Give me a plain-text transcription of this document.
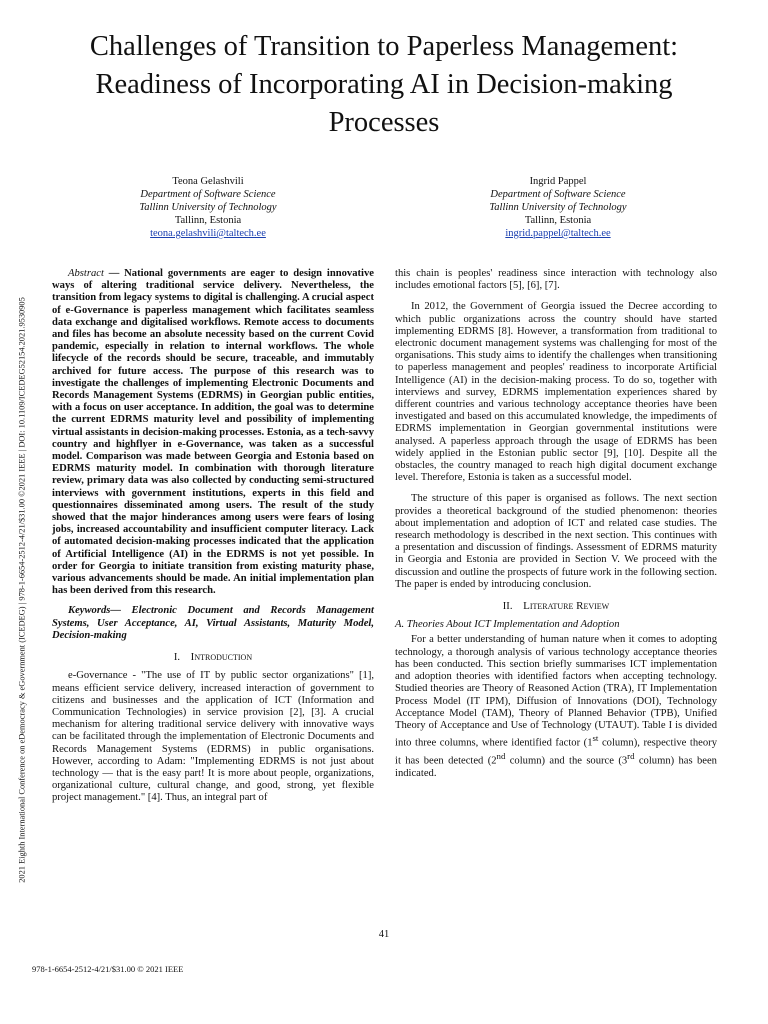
Challenges of Transition to Paperless Management:
Readiness of Incorporating AI in Decision-making
Processes
2021 Eighth International Conference on eDemocracy & eGovernment (ICEDEG) | 978-1-6654-2512-4/21/$31.00 ©2021 IEEE | DOI: 10.1109/ICEDEG52154.2021.9530905
Teona Gelashvili
Department of Software Science
Tallinn University of Technology
Tallinn, Estonia
teona.gelashvili@taltech.ee
Ingrid Pappel
Department of Software Science
Tallinn University of Technology
Tallinn, Estonia
ingrid.pappel@taltech.ee

Abstract — National governments are eager to design innovative ways of altering traditional service delivery. Nevertheless, the transition from legacy systems to digital is challenging. A crucial aspect of e-Governance is paperless management which facilitates seamless data exchange and digitalised workflows. Remote access to documents and files has become an absolute necessity based on the current Covid pandemic, especially in relation to internal workflows. The whole lifecycle of the records should be secure, traceable, and immutably archived for future access. The purpose of this research was to investigate the challenges of implementing Electronic Documents and Records Management Systems (EDRMS) in Georgian public entities, with a focus on user acceptance. In addition, the goal was to determine the current EDRMS maturity level and possibility of implementing virtual assistants in decision-making processes. Estonia, as a tech-savvy country and highflyer in e-Governance, was taken as a successful model. Comparison was made between Georgia and Estonia based on EDRMS maturity model. In combination with thorough literature review, primary data was also collected by conducting semi-structured interviews with government institutions, experts in this field and questionnaires disseminated among users. The result of the study showed that the major hinderances among users were fears of losing jobs, increased accountability and insufficient computer literacy. Lack of automated decision-making processes indicated that the application of Artificial Intelligence (AI) in the EDRMS is not yet possible. In order for Georgia to initiate transition from existing maturity phase, various advancements should be made. An initial implementation plan has been derived from this research.

Keywords— Electronic Document and Records Management Systems, User Acceptance, AI, Virtual Assistants, Maturity Model, Decision-making

I. Introduction

e-Governance - "The use of IT by public sector organizations" [1], means efficient service delivery, increased interaction of government to citizens and businesses and the application of ICT (Information and Communication Technologies) in service provision [2], [3]. A crucial mechanism for altering traditional service delivery with innovative ways can be facilitated through the implementation of Electronic Documents and Records Management Systems (EDRMS) in public organisations. However, according to Adam: "Implementing EDRMS is not just about technology — that is the easy part! It is more about people, organizations, organizational culture, cultural change, and good, strong, yet flexible project management." [4]. Thus, an integral part of

this chain is peoples' readiness since interaction with technology also includes emotional factors [5], [6], [7].

In 2012, the Government of Georgia issued the Decree according to which public organizations across the country should have started implementing EDRMS [8]. However, a transformation from traditional to electronic document management systems was challenging for most of the organisations. This study aims to identify the challenges when transitioning to paperless management and peoples' readiness to incorporate Artificial Intelligence (AI) in the decision-making process. To do so, together with interviews and survey, EDRMS implementation experiences shared by different countries and various technology acceptance theories have been investigated and based on this accumulated knowledge, the impediments of EDRMS implementation in Georgian governmental institutions were analysed. A paperless approach through the usage of EDRMS has been widely applied in the Estonian public sector [9], [10]. Despite all the obstacles, the country managed to reach high digital document exchange level. Therefore, Estonia is taken as a successful model.

The structure of this paper is organised as follows. The next section provides a theoretical background of the studied phenomenon: theories about implementation and adoption of ICT and related case studies. The research methodology is described in the next section. This continues with a presentation and discussion of findings. Assessment of EDRMS maturity in Georgia and Estonia are provided in Section V. We proceed with the discussion and outline the prospects of future work in the following section. The paper is ended by introducing conclusion.

II. Literature Review

A. Theories About ICT Implementation and Adoption

For a better understanding of human nature when it comes to adopting technology, a thorough analysis of various technology acceptance theories has been conducted. This section briefly summarises ICT implementation and adoption theories with identified factors when accepting technology. Studied theories are Theory of Reasoned Action (TRA), IT Implementation Process Model (IT IPM), Diffusion of Innovations (DOI), Technology Acceptance Model (TAM), Theory of Planned Behavior (TPB), Unified Theory of Acceptance and Use of Technology (UTAUT). Table I is divided into three columns, where identified factor (1st column), respective theory it has been detected (2nd column) and the source (3rd column) has been indicated.

41
978-1-6654-2512-4/21/$31.00 © 2021 IEEE
